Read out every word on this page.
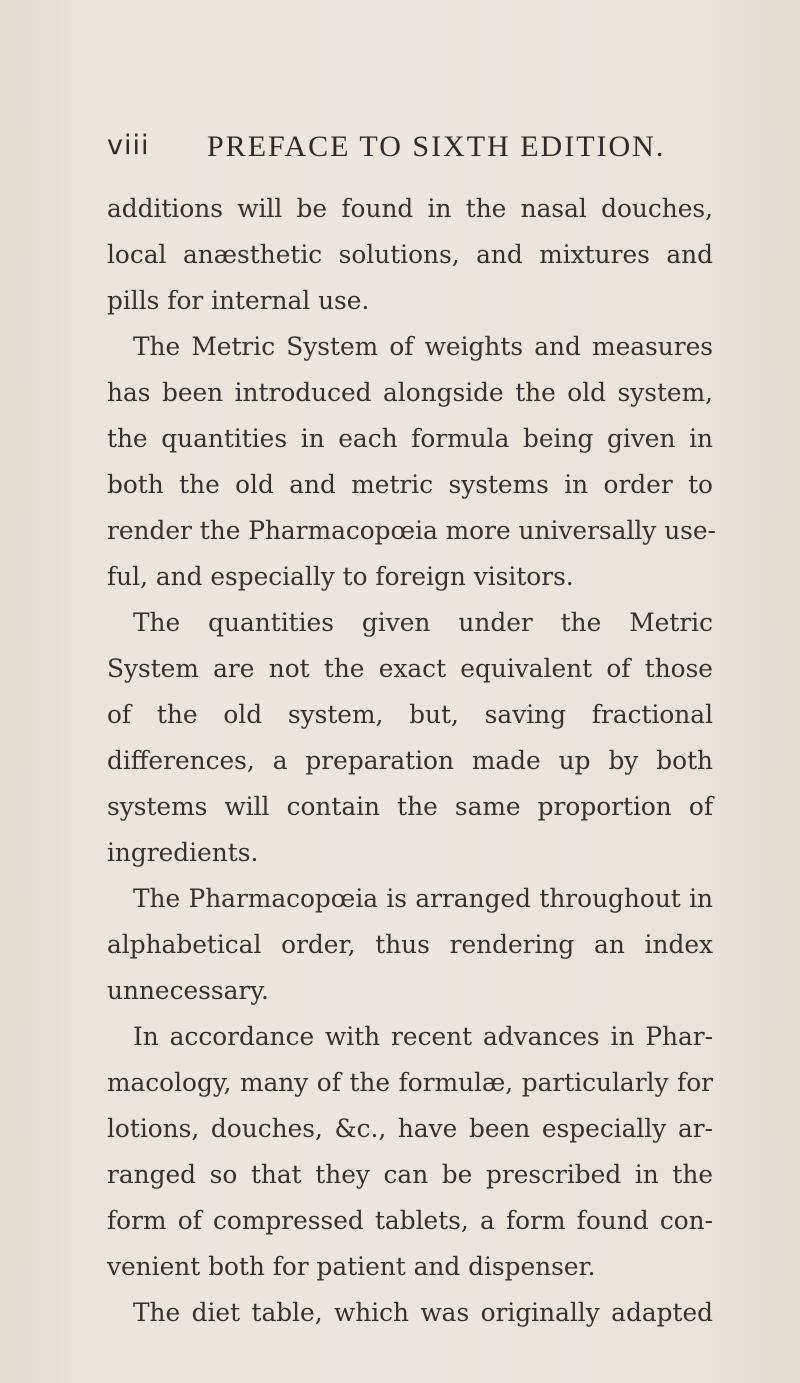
viii PREFACE TO SIXTH EDITION.
additions will be found in the nasal douches,
local anæsthetic solutions, and mixtures and
pills for internal use.
The Metric System of weights and measures
has been introduced alongside the old system,
the quantities in each formula being given in
both the old and metric systems in order to
render the Pharmacopœia more universally use-
ful, and especially to foreign visitors.
The quantities given under the Metric
System are not the exact equivalent of those
of the old system, but, saving fractional
differences, a preparation made up by both
systems will contain the same proportion of
ingredients.
The Pharmacopœia is arranged throughout in
alphabetical order, thus rendering an index
unnecessary.
In accordance with recent advances in Phar-
macology, many of the formulæ, particularly for
lotions, douches, &c., have been especially ar-
ranged so that they can be prescribed in the
form of compressed tablets, a form found con-
venient both for patient and dispenser.
The diet table, which was originally adapted
